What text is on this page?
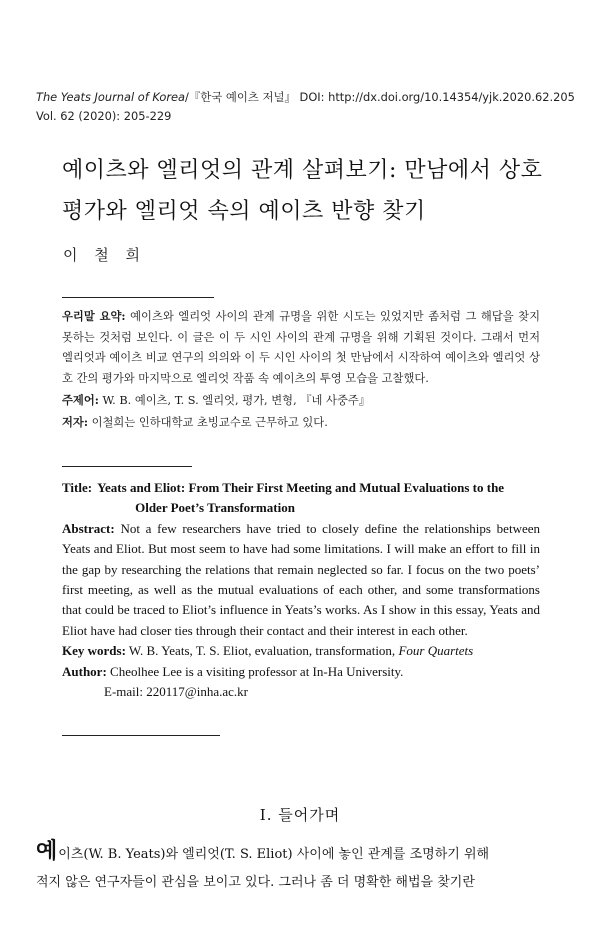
The Yeats Journal of Korea/『한국 예이츠 저널』 DOI: http://dx.doi.org/10.14354/yjk.2020.62.205
Vol. 62 (2020): 205-229
예이츠와 엘리엇의 관계 살펴보기: 만남에서 상호
평가와 엘리엇 속의 예이츠 반향 찾기
이 철 희

우리말 요약: 예이츠와 엘리엇 사이의 관계 규명을 위한 시도는 있었지만 좀처럼 그 해답을 찾지 못하는 것처럼 보인다. 이 글은 이 두 시인 사이의 관계 규명을 위해 기획된 것이다. 그래서 먼저 엘리엇과 예이츠 비교 연구의 의의와 이 두 시인 사이의 첫 만남에서 시작하여 예이츠와 엘리엇 상호 간의 평가와 마지막으로 엘리엇 작품 속 예이츠의 투영 모습을 고찰했다.

주제어: W. B. 예이츠, T. S. 엘리엇, 평가, 변형, 『네 사중주』

저자: 이철희는 인하대학교 초빙교수로 근무하고 있다.

Title: Yeats and Eliot: From Their First Meeting and Mutual Evaluations to the
Older Poet’s Transformation

Abstract: Not a few researchers have tried to closely define the relationships between Yeats and Eliot. But most seem to have had some limitations. I will make an effort to fill in the gap by researching the relations that remain neglected so far. I focus on the two poets’ first meeting, as well as the mutual evaluations of each other, and some transformations that could be traced to Eliot’s influence in Yeats’s works. As I show in this essay, Yeats and Eliot have had closer ties through their contact and their interest in each other.

Key words: W. B. Yeats, T. S. Eliot, evaluation, transformation, Four Quartets

Author: Cheolhee Lee is a visiting professor at In-Ha University.

E-mail: 220117@inha.ac.kr

I. 들어가며
예이츠(W. B. Yeats)와 엘리엇(T. S. Eliot) 사이에 놓인 관계를 조명하기 위해
적지 않은 연구자들이 관심을 보이고 있다. 그러나 좀 더 명확한 해법을 찾기란
